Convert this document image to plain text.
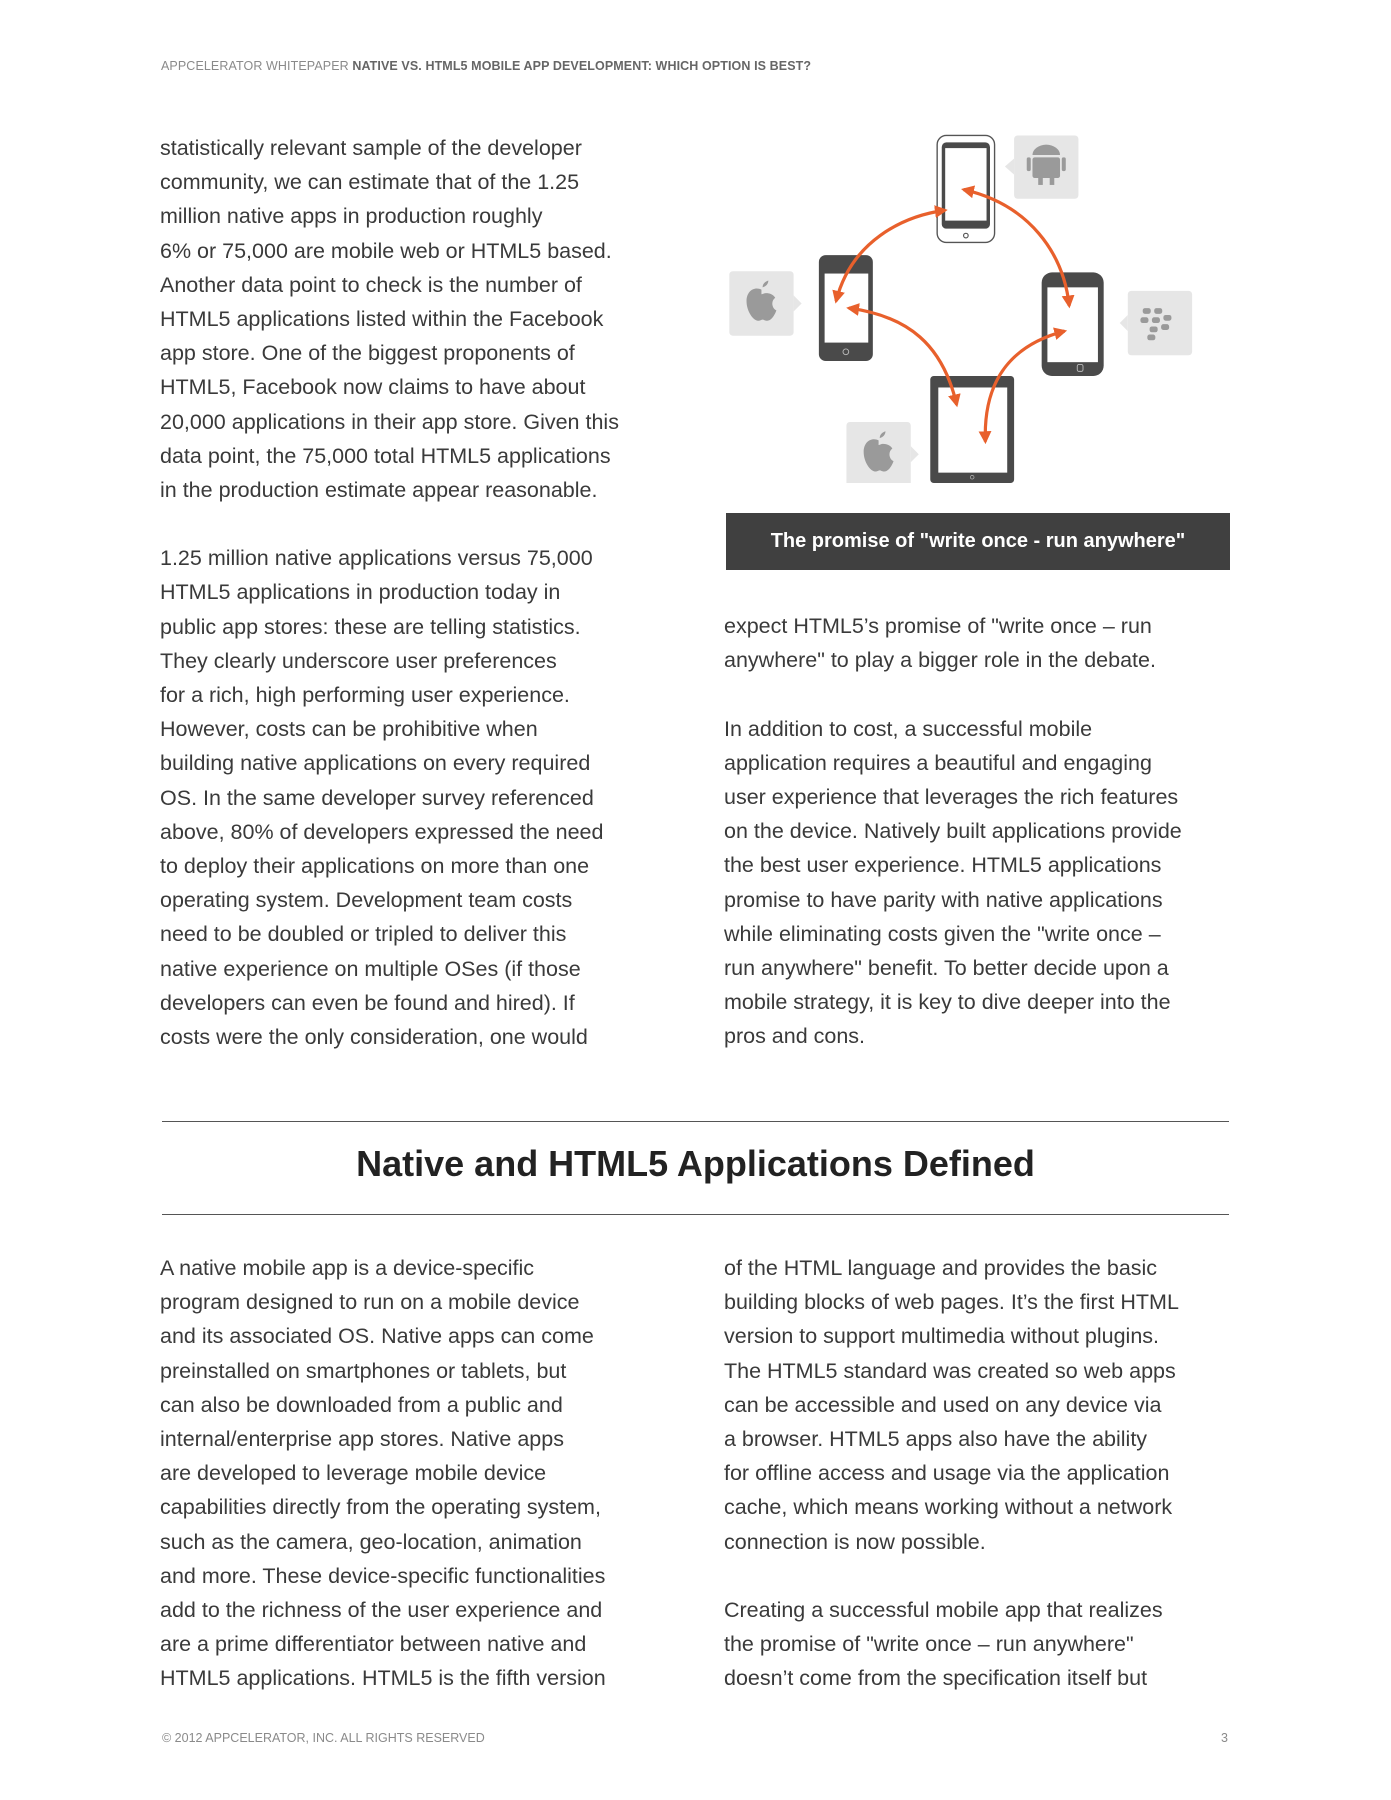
APPCELERATOR WHITEPAPER NATIVE VS. HTML5 MOBILE APP DEVELOPMENT: WHICH OPTION IS BEST?
statistically relevant sample of the developer
community, we can estimate that of the 1.25
million native apps in production roughly
6% or 75,000 are mobile web or HTML5 based.
Another data point to check is the number of
HTML5 applications listed within the Facebook
app store. One of the biggest proponents of
HTML5, Facebook now claims to have about
20,000 applications in their app store. Given this
data point, the 75,000 total HTML5 applications
in the production estimate appear reasonable.
1.25 million native applications versus 75,000
HTML5 applications in production today in
public app stores: these are telling statistics.
They clearly underscore user preferences
for a rich, high performing user experience.
However, costs can be prohibitive when
building native applications on every required
OS. In the same developer survey referenced
above, 80% of developers expressed the need
to deploy their applications on more than one
operating system. Development team costs
need to be doubled or tripled to deliver this
native experience on multiple OSes (if those
developers can even be found and hired). If
costs were the only consideration, one would
The promise of "write once - run anywhere"
expect HTML5’s promise of "write once – run
anywhere" to play a bigger role in the debate.
In addition to cost, a successful mobile
application requires a beautiful and engaging
user experience that leverages the rich features
on the device. Natively built applications provide
the best user experience. HTML5 applications
promise to have parity with native applications
while eliminating costs given the "write once –
run anywhere" benefit. To better decide upon a
mobile strategy, it is key to dive deeper into the
pros and cons.
Native and HTML5 Applications Defined
A native mobile app is a device-specific
program designed to run on a mobile device
and its associated OS. Native apps can come
preinstalled on smartphones or tablets, but
can also be downloaded from a public and
internal/enterprise app stores. Native apps
are developed to leverage mobile device
capabilities directly from the operating system,
such as the camera, geo-location, animation
and more. These device-specific functionalities
add to the richness of the user experience and
are a prime differentiator between native and
HTML5 applications. HTML5 is the fifth version
of the HTML language and provides the basic
building blocks of web pages. It’s the first HTML
version to support multimedia without plugins.
The HTML5 standard was created so web apps
can be accessible and used on any device via
a browser. HTML5 apps also have the ability
for offline access and usage via the application
cache, which means working without a network
connection is now possible.
Creating a successful mobile app that realizes
the promise of "write once – run anywhere"
doesn’t come from the specification itself but
© 2012 APPCELERATOR, INC. ALL RIGHTS RESERVED	3
